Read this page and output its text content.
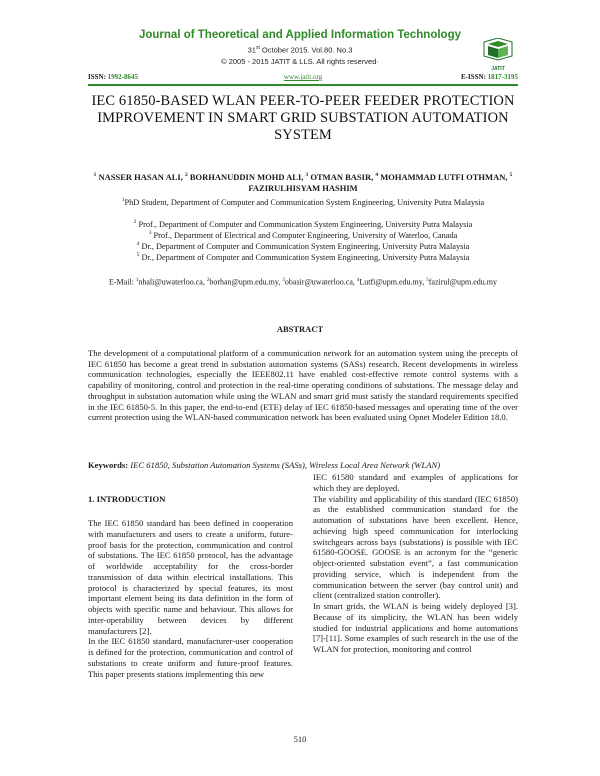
Journal of Theoretical and Applied Information Technology
31st October 2015. Vol.80. No.3
© 2005 - 2015 JATIT & LLS. All rights reserved·
JATIT
ISSN: 1992-8645	www.jatit.org	E-ISSN: 1817-3195
IEC 61850-BASED WLAN PEER-TO-PEER FEEDER PROTECTION IMPROVEMENT IN SMART GRID SUBSTATION AUTOMATION SYSTEM
$^1$ NASSER HASAN ALI, $^2$ BORHANUDDIN MOHD ALI, $^3$ OTMAN BASIR, $^4$ MOHAMMAD LUTFI OTHMAN, $^5$ FAZIRULHISYAM HASHIM
$^1$PhD Student, Department of Computer and Communication System Engineering, University Putra Malaysia
$^2$ Prof., Department of Computer and Communication System Engineering, University Putra Malaysia
$^3$ Prof., Department of Electrical and Computer Engineering, University of Waterloo, Canada
$^4$ Dr., Department of Computer and Communication System Engineering, University Putra Malaysia
$^5$ Dr., Department of Computer and Communication System Engineering, University Putra Malaysia
E-Mail: $^1$nhali@uwaterloo.ca, $^2$borhan@upm.edu.my, $^3$obasir@uwaterloo.ca, $^4$Lutfi@upm.edu.my, $^5$fazirul@upm.edu.my
ABSTRACT
The development of a computational platform of a communication network for an automation system using the precepts of IEC 61850 has become a great trend in substation automation systems (SASs) research. Recent developments in wireless communication technologies, especially the IEEE802.11 have enabled cost-effective remote control systems with a capability of monitoring, control and protection in the real-time operating conditions of substations. The message delay and throughput in substation automation while using the WLAN and smart grid must satisfy the standard requirements specified in the IEC 61850-5. In this paper, the end-to-end (ETE) delay of IEC 61850-based messages and operating time of the over current protection using the WLAN-based communication network has been evaluated using Opnet Modeler Edition 18.0.
Keywords: IEC 61850, Substation Automation Systems (SASs), Wireless Local Area Network (WLAN)
1. INTRODUCTION

The IEC 61850 standard has been defined in cooperation with manufacturers and users to create a uniform, future-proof basis for the protection, communication and control of substations. The IEC 61850 protocol, has the advantage of worldwide acceptability for the cross-border transmission of data within electrical installations. This protocol is characterized by special features, its most important element being its data definition in the form of objects with specific name and behaviour. This allows for inter-operability between devices by different manufacturers [2].

In the IEC 61850 standard, manufacturer-user cooperation is defined for the protection, communication and control of substations to create uniform and future-proof features. This paper presents stations implementing this new

IEC 61580 standard and examples of applications for which they are deployed.

The viability and applicability of this standard (IEC 61850) as the established communication standard for the automation of substations have been excellent. Hence, achieving high speed communication for interlocking switchgears across bays (substations) is possible with IEC 61580-GOOSE. GOOSE is an acronym for the “generic object-oriented substation event”, a fast communication providing service, which is independent from the communication between the server (bay control unit) and client (centralized station controller).

In smart grids, the WLAN is being widely deployed [3]. Because of its simplicity, the WLAN has been widely studied for industrial applications and home automations [7]-[11]. Some examples of such research in the use of the WLAN for protection, monitoring and control

510
